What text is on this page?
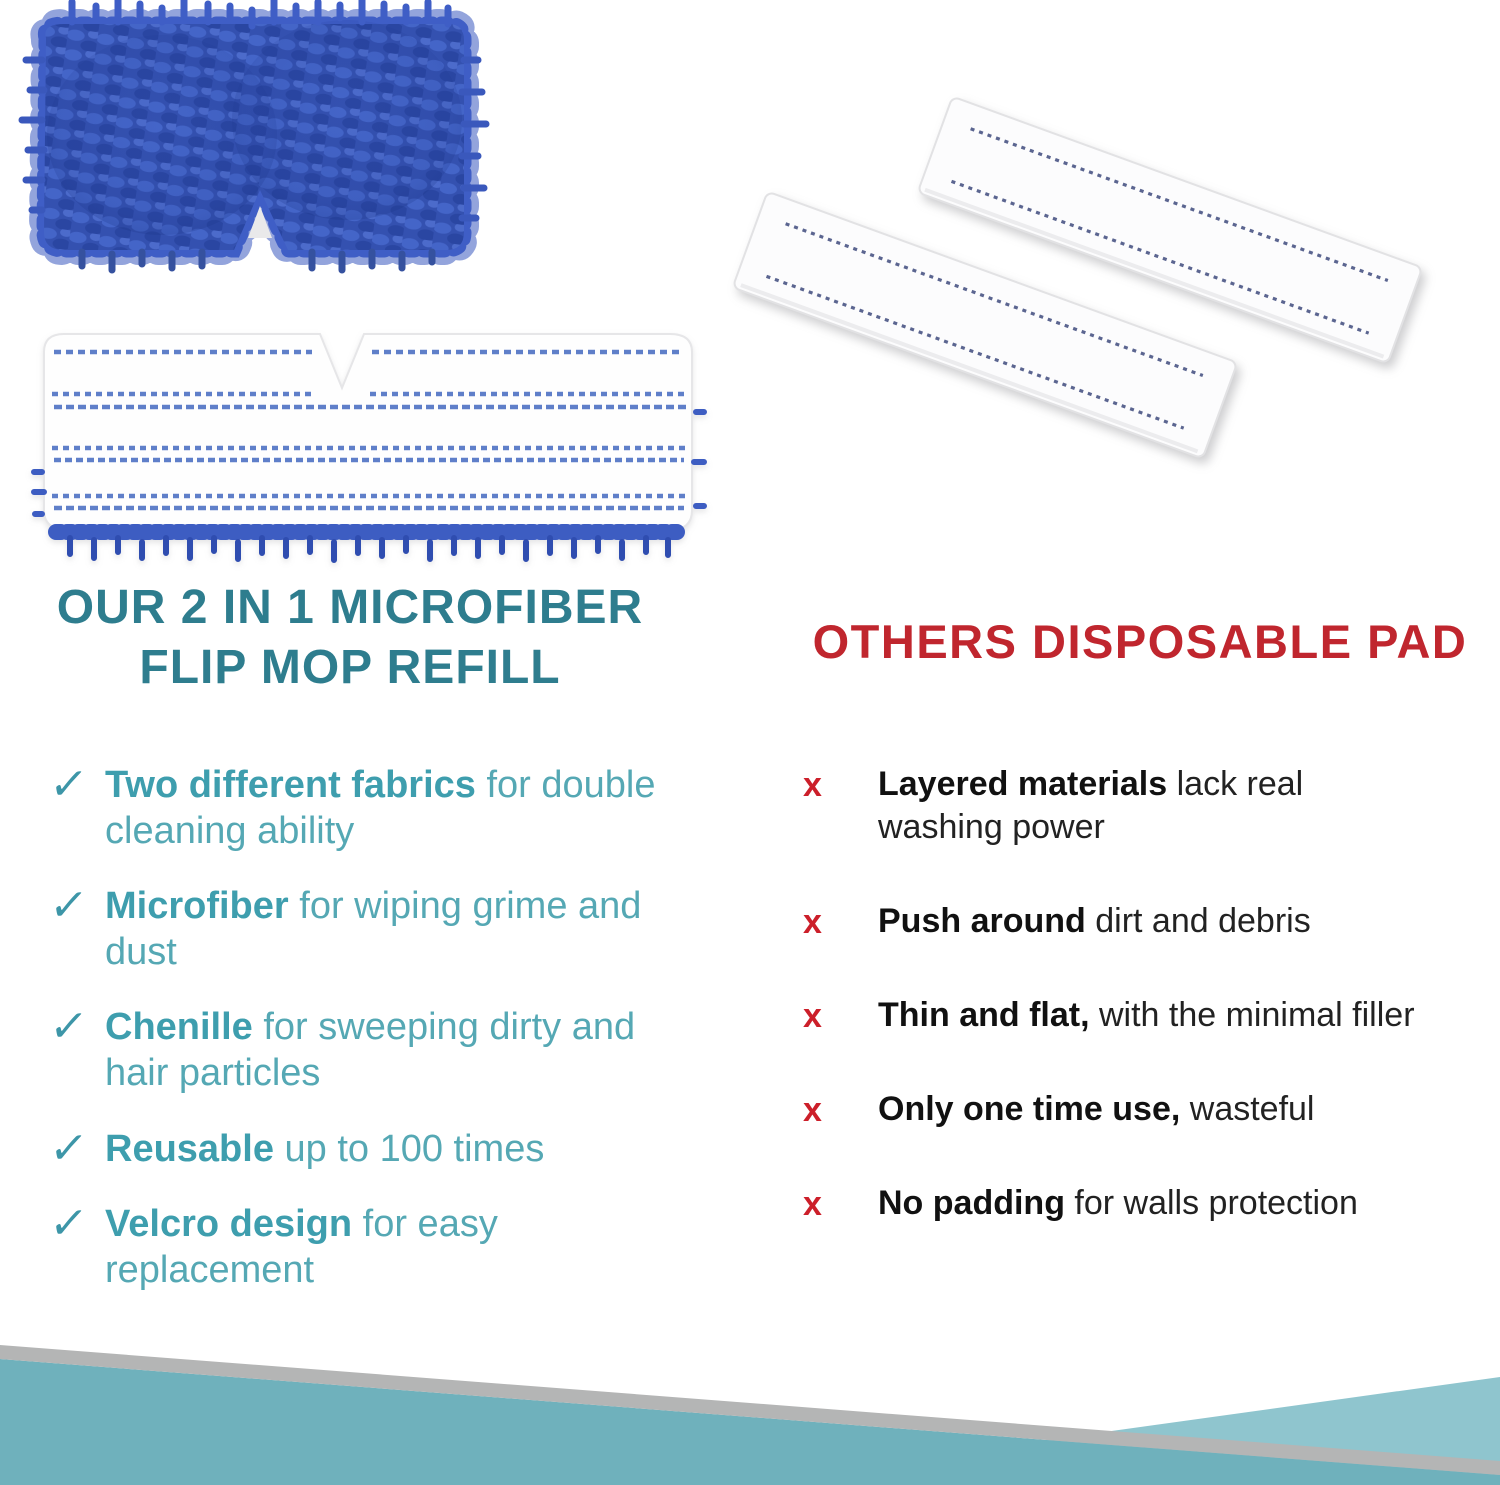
OUR 2 IN 1 MICROFIBER
FLIP MOP REFILL
✓ Two different fabrics for double
cleaning ability
✓ Microfiber for wiping grime and
dust
✓ Chenille for sweeping dirty and
hair particles
✓ Reusable up to 100 times
✓ Velcro design for easy
replacement
OTHERS DISPOSABLE PAD
x	Layered materials lack real
washing power
x	Push around dirt and debris
x	Thin and flat, with the minimal filler
x	Only one time use, wasteful
x	No padding for walls protection
